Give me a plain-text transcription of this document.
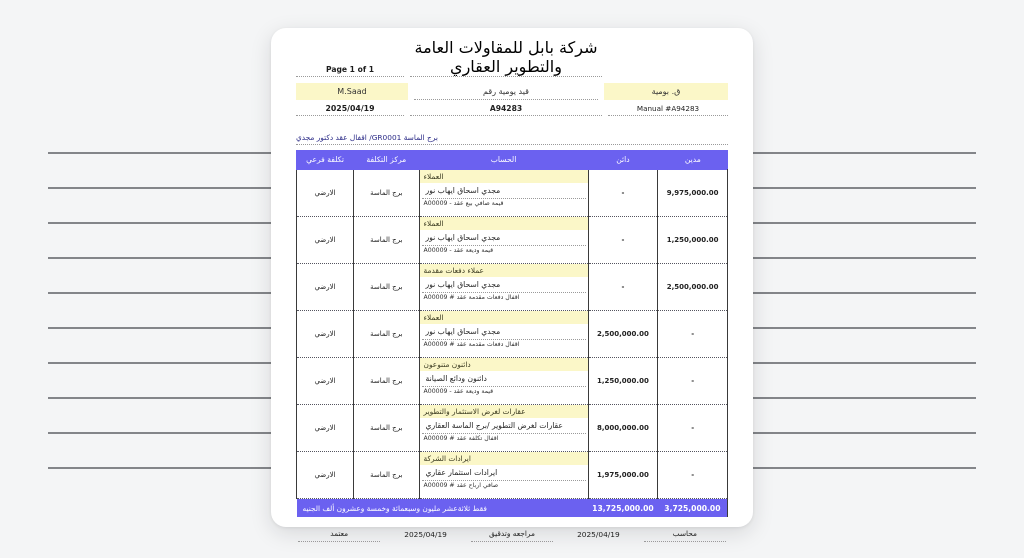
شركة بابل للمقاولات العامة والتطوير العقاري
Page 1 of 1
ق. بومية
قيد يومية رقم
M.Saad
Manual #A94283
A94283
2025/04/19
برج الماسة GR0001/ اقفال عقد دكتور مجدي
مدين	دائن	الحساب	مركز التكلفة	تكلفة فرعي
9,975,000.00	-	العملاء
مجدي اسحاق ايهاب نور
قيمة صافي بيع عقد - A00009	برج الماسة	الارضي
1,250,000.00	-	العملاء
مجدي اسحاق ايهاب نور
قيمة وديعة عقد - A00009	برج الماسة	الارضي
2,500,000.00	-	عملاء دفعات مقدمة
مجدي اسحاق ايهاب نور
اقفال دفعات مقدمة عقد # A00009	برج الماسة	الارضي
-	2,500,000.00	العملاء
مجدي اسحاق ايهاب نور
اقفال دفعات مقدمة عقد # A00009	برج الماسة	الارضي
-	1,250,000.00	دائنون متنوعون
دائنون ودائع الصيانة
قيمة وديعة عقد - A00009	برج الماسة	الارضي
-	8,000,000.00	عقارات لغرض الاستثمار والتطوير
عقارات لغرض التطوير /برج الماسة العقاري
اقفال تكلفة عقد # A00009	برج الماسة	الارضي
-	1,975,000.00	ايرادات الشركة
ايرادات استثمار عقاري
صافي ارباح عقد # A00009	برج الماسة	الارضي
3,725,000.00	13,725,000.00	فقط ثلاثةعشر مليون وسبعمائة وخمسة وعشرون ألف الجنيه		
محاسب
2025/04/19
مراجعه وتدقيق
2025/04/19
معتمد
